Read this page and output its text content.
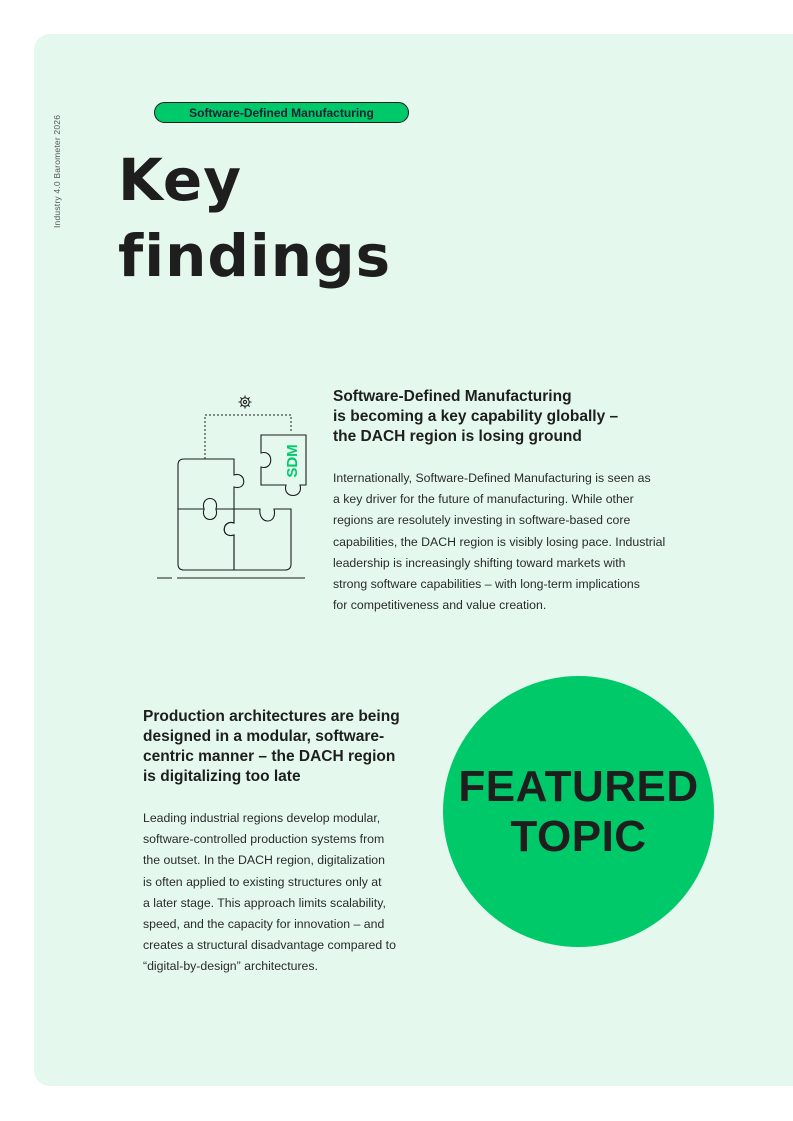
Industry 4.0 Barometer 2026
Software-Defined Manufacturing
Key
findings
SDM
Software-Defined Manufacturing
is becoming a key capability globally –
the DACH region is losing ground

Internationally, Software-Defined Manufacturing is seen as
a key driver for the future of manufacturing. While other
regions are resolutely investing in software-based core
capabilities, the DACH region is visibly losing pace. Industrial
leadership is increasingly shifting toward markets with
strong software capabilities – with long-term implications
for competitiveness and value creation.

Production architectures are being
designed in a modular, software-
centric manner – the DACH region
is digitalizing too late

Leading industrial regions develop modular,
software-controlled production systems from
the outset. In the DACH region, digitalization
is often applied to existing structures only at
a later stage. This approach limits scalability,
speed, and the capacity for innovation – and
creates a structural disadvantage compared to
“digital-by-design” architectures.

FEATURED
TOPIC
